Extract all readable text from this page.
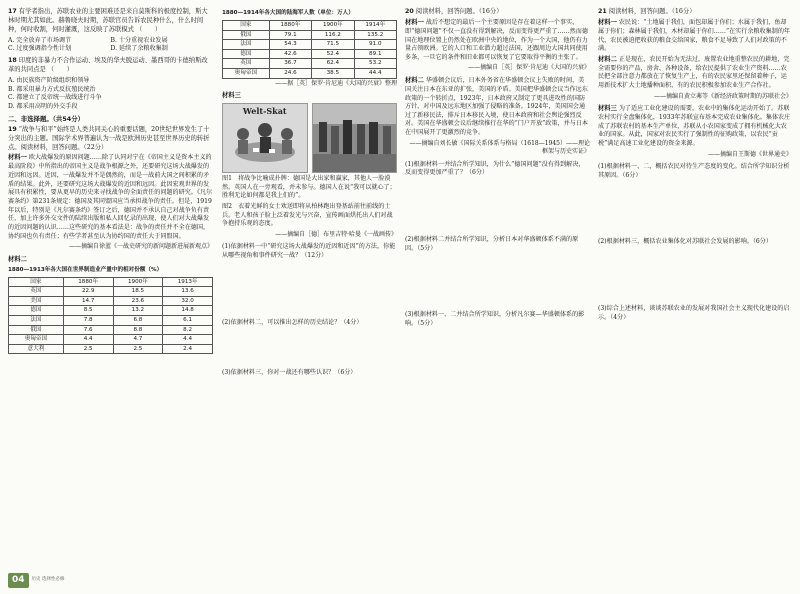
17 有学者指出，苏联农业的主要困难还是来自莫斯科的极度控制，斯大林时期尤其如此。赫鲁晓夫时期，苏联官员告诉农民种什么，什么时间种，何时收割，何时灌溉，这反映了苏联模式 （　　）

A. 完全放弃了市场调节	B. 十分重视农业发展
C. 过度强调指令性计划	D. 延续了余粮收集制

18 印度的非暴力不合作运动、埃及的华夫脱运动、墨西哥的卡德纳斯改革的共同点是 （　　）

A. 由民族资产阶级组织和领导
B. 都采用暴力方式反抗殖民统治
C. 都建立了反帝统一战线进行斗争
D. 都采用高明的外交手段
二、非选择题。（共54分）

19 “战争与和平”始终是人类共同关心的重要话题，20世纪世界发生了十分突出的主题。国际学术界普遍认为一战是欧洲历史甚至世界历史的转折点。阅读材料，回答问题。（22分）

材料一 欧大战爆发的原因问题……除了认同对宁在《帝国主义是资本主义的最高阶段》中所指出的帝国主义是战争根源之外，还要研究这场大战爆发的近因和远因。近因，一战爆发并不是偶然的，而是一战前大国之间积累的矛盾的结果。此外，还要研究这场大战爆发的近因和远因。此因宏观世界的发展具有积累性，要从更早的历史来寻找战争的全面责任的问题的研究。《凡尔赛条约》第231条规定：德国及其同盟国应当承担战争的责任。但是，1919年以后，特别是《凡尔赛条约》签订之后，德国并不承认自己对战争负有责任，加上许多外交文件的陆续出版和私人回忆录的出现，使人们对大战爆发的近因问题的认识……这些研究的基本看法是：战争的责任并不全在德国，协约国也负有责任；有些学者甚至认为协约国的责任大于同盟国。

——摘编自徐蓝《一战史研究的新问题新进展新观点》
材料二
1880—1913年各大国在世界制造业产量中的相对份额（%）
国家	1880年	1900年	1913年
英国	22.9	18.5	13.6
美国	14.7	23.6	32.0
德国	8.5	13.2	14.8
法国	7.8	6.8	6.1
俄国	7.6	8.8	8.2
奥匈帝国	4.4	4.7	4.4
意大利	2.5	2.5	2.4
1880—1914年各大国的陆海军人数（单位：万人）
国家	1880年	1900年	1914年
俄国	79.1	116.2	135.2
法国	54.3	71.5	91.0
德国	42.6	52.4	89.1
英国	36.7	62.4	53.2
奥匈帝国	24.6	38.5	44.4
——据［英］保罗·肯尼迪《大国的兴衰》整理
材料三
Welt-Skat

图1　将战争比喻成扑牌：德国是大出家和赢家，其他人一脸漠然。英国人在一旁观看，并未参与。德国人在说“我可以就心了；胜利无论如何都是我上们的”。

图2　衣着光鲜的女士欢送即将从柏林跑出登基站前往前线的士兵。老人和孩子脸上泛着发光与兴奋，宣传画面烘托出人们对战争抱持乐观的态度。

——摘编自［德］布里吉特·哈曼《一战画传》

(1)依据材料一中“研究这场大战爆发的近因和近因”的方法，你能从哪些视角和事件研究一战？（12分）

(2)依据材料二，可以推出怎样的历史结论？（4分）

(3)依据材料三，你对一战还有哪些认识？（6分）

20 阅读材料，回答问题。（16分）

材料一 战后不想定的最后一个主要原因是存在着这样一个事实，即“德国问题”不仅一直没有得到解决，反而变得更严重了……然而德国在地理位置上仍然处在欧洲中央的地位，作为一个大国，他仍有力量占领欧洲。它的人口和工业潜力超过法国，还跟周边大国共同使用多条，一旦它的条件和旧业都可以恢复了它要取得平衡的主张了。

——摘编自［英］保罗·肯尼迪《大国的兴衰》

材料二 华盛顿会议后，日本外务省在华盛顿会议上失败的时间，美国关注日本在东亚的扩张，美国的矛盾。美国把华盛顿会议当作远东政策的一个转折点，1923年，日本政府又制定了更具进攻性的国防方针，对中国及远东地区加强了侵略的准备。1924年，美国国会通过了新移民法，排斥日本移民入境，使日本政府和社会舆论强烈反对。美国在华盛顿会议后继续推行在华的“门户开放”政策，并与日本在中国展开了更激烈的竞争。

——摘编自刘长敏《国际关系体系与格局（1618—1945）——理论框架与历史实证》

(1)根据材料一并结合所学知识，为什么“德国问题”没有得到解决，反而变得更加严重了？（6分）

(2)根据材料二并结合所学知识，分析日本对华盛顿体系不满的原因。（5分）

(3)根据材料一、二并结合所学知识，分析凡尔赛—华盛顿体系的影响。（5分）

21 阅读材料，回答问题。（16分）

材料一 农民说：“土地属于我们，面包却属于你们；水属于我们，鱼却属于你们；森林属于我们，木材却属于你们……”在实行余粮收集制的年代，农民被迫把收获的粮食交给国家，粮食不足导致了人们对政策的不满。

材料二 正是现在，农民开始为无法过，废置农业地重整农民的耕地，完全需要你的产品，房舍、各种设备，给农民提供了农业生产资料……农民把全部注意力都放在了恢复生产上，有的农民家里还保留着种子，运用新技术扩大土地播种面积，有的农民积极参加农业生产合作社。

——摘编自黄立茀等《新经济政策时期的苏联社会》

材料三 为了适应工业化建设的需要，农业中的集体化运动开始了。苏联农村实行全盘集体化，1933年苏联宣布基本完成农业集体化。集体农庄成了苏联农村的基本生产单位，苏联从小农国家变成了拥有机械化大农业的国家。从此，国家对农民实行了强制性的征购政策，以农民“贡税”满足高速工业化建设的资金来源。

——摘编自王斯德《世界通史》

(1)根据材料一、二，概括农民对待生产态度的变化。结合所学知识分析其原因。（6分）

(2)根据材料三，概括农业集体化对苏联社会发展的影响。（6分）

(3)综合上述材料，谈谈苏联农业的发展对我国社会主义现代化建设的启示。（4分）

04	历史 选择性必修
